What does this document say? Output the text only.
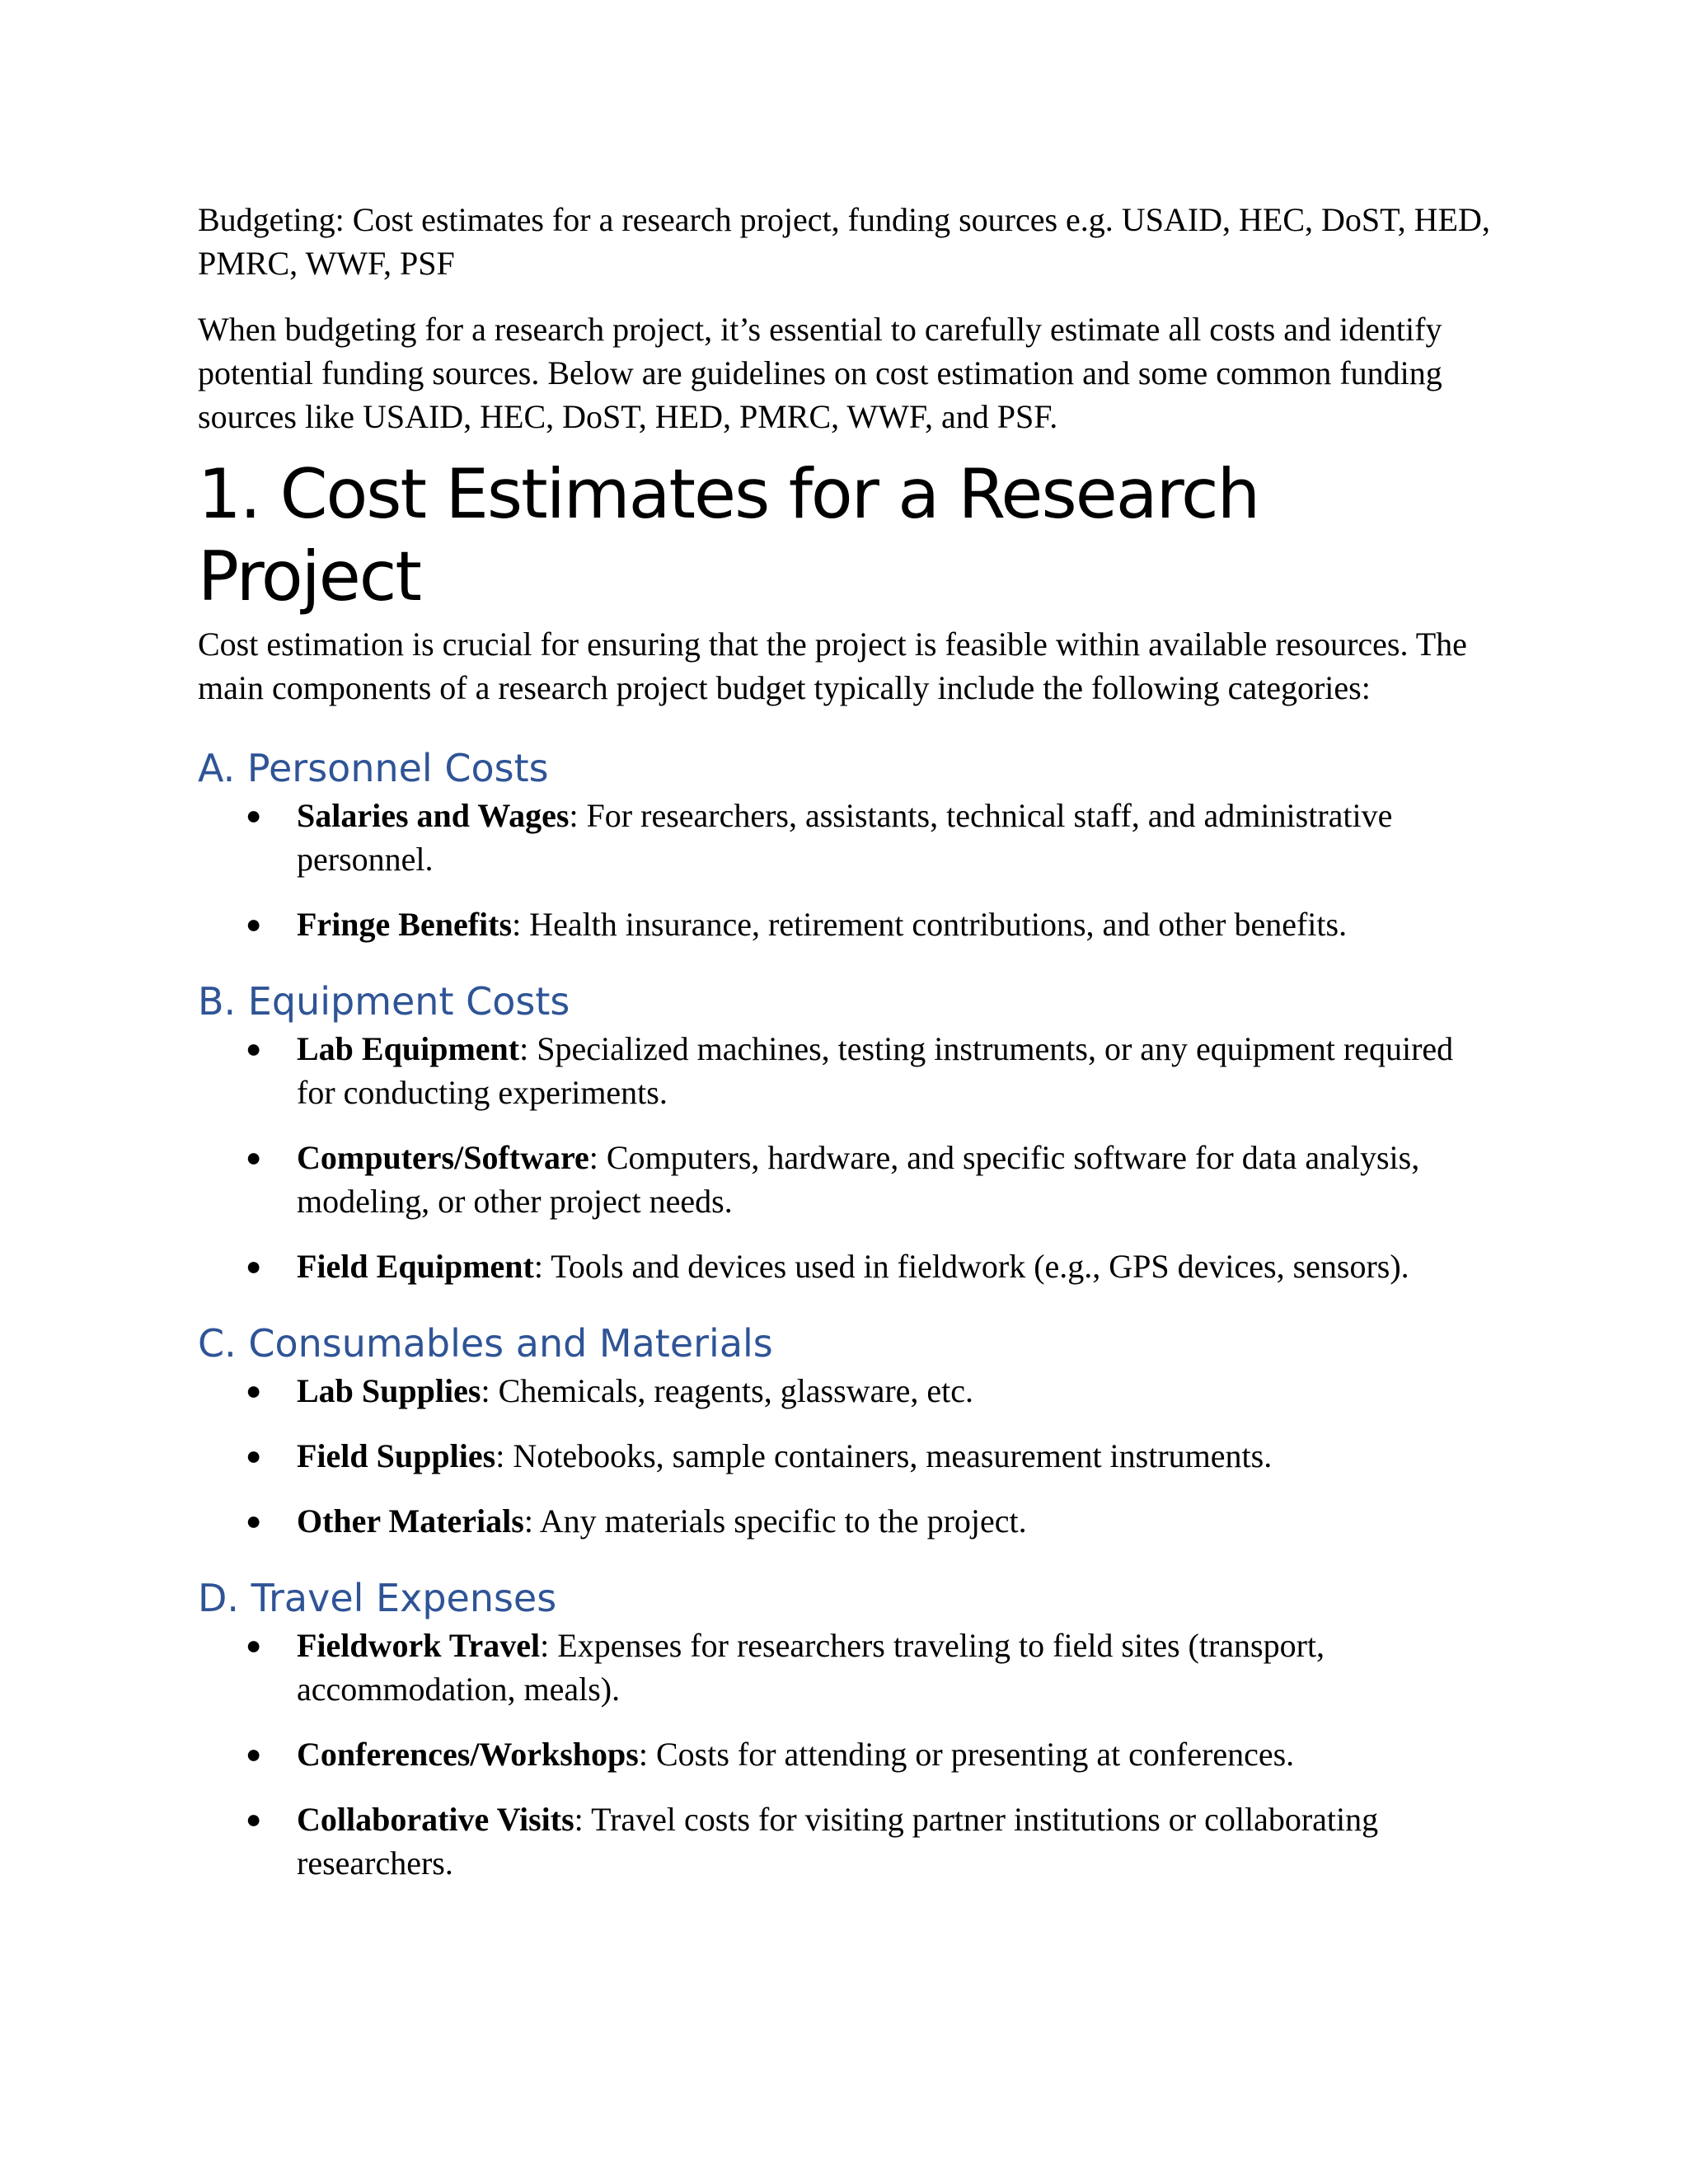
Budgeting: Cost estimates for a research project, funding sources e.g. USAID, HEC, DoST, HED, PMRC, WWF, PSF

When budgeting for a research project, it’s essential to carefully estimate all costs and identify potential funding sources. Below are guidelines on cost estimation and some common funding sources like USAID, HEC, DoST, HED, PMRC, WWF, and PSF.

1. Cost Estimates for a Research Project

Cost estimation is crucial for ensuring that the project is feasible within available resources. The main components of a research project budget typically include the following categories:

A. Personnel Costs
● Salaries and Wages: For researchers, assistants, technical staff, and administrative personnel.
● Fringe Benefits: Health insurance, retirement contributions, and other benefits.
B. Equipment Costs
● Lab Equipment: Specialized machines, testing instruments, or any equipment required for conducting experiments.
● Computers/Software: Computers, hardware, and specific software for data analysis, modeling, or other project needs.
● Field Equipment: Tools and devices used in fieldwork (e.g., GPS devices, sensors).
C. Consumables and Materials
● Lab Supplies: Chemicals, reagents, glassware, etc.
● Field Supplies: Notebooks, sample containers, measurement instruments.
● Other Materials: Any materials specific to the project.
D. Travel Expenses
● Fieldwork Travel: Expenses for researchers traveling to field sites (transport, accommodation, meals).
● Conferences/Workshops: Costs for attending or presenting at conferences.
● Collaborative Visits: Travel costs for visiting partner institutions or collaborating researchers.
